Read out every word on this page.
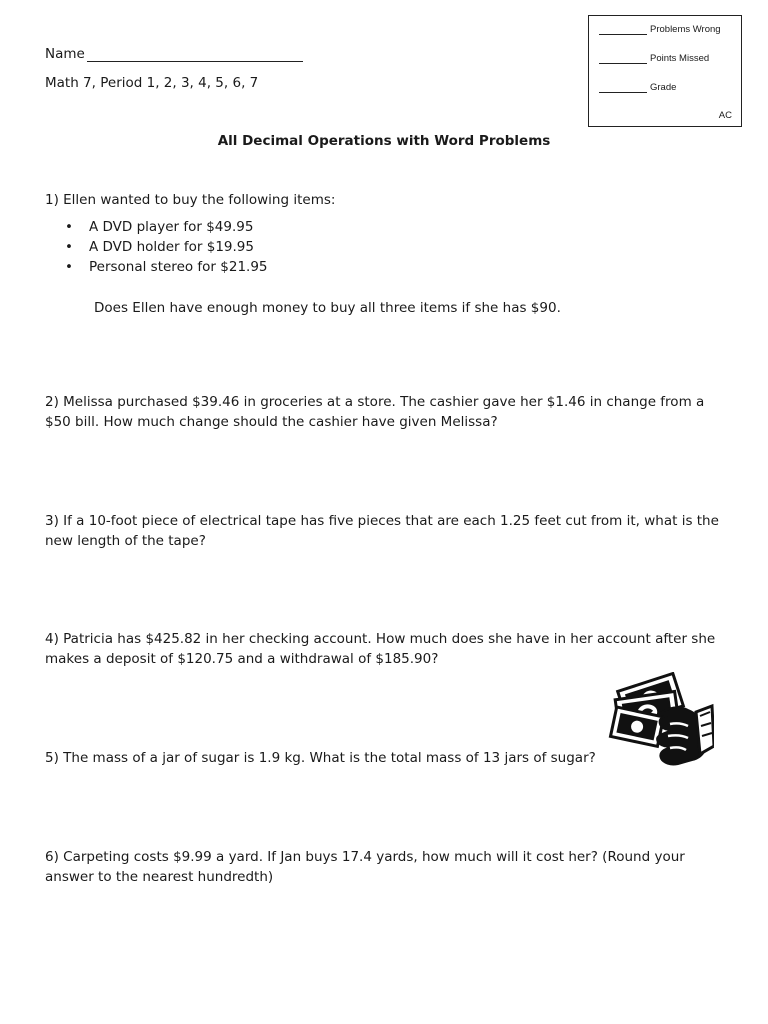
Problems Wrong
Points Missed
Grade
AC
Name
Math 7, Period 1, 2, 3, 4, 5, 6, 7
All Decimal Operations with Word Problems
1) Ellen wanted to buy the following items:
• A DVD player for $49.95
• A DVD holder for $19.95
• Personal stereo for $21.95
Does Ellen have enough money to buy all three items if she has $90.
2) Melissa purchased $39.46 in groceries at a store. The cashier gave her $1.46 in change from a $50 bill. How much change should the cashier have given Melissa?
3) If a 10-foot piece of electrical tape has five pieces that are each 1.25 feet cut from it, what is the new length of the tape?
4) Patricia has $425.82 in her checking account. How much does she have in her account after she makes a deposit of $120.75 and a withdrawal of $185.90?
5) The mass of a jar of sugar is 1.9 kg. What is the total mass of 13 jars of sugar?
6) Carpeting costs $9.99 a yard. If Jan buys 17.4 yards, how much will it cost her? (Round your answer to the nearest hundredth)
